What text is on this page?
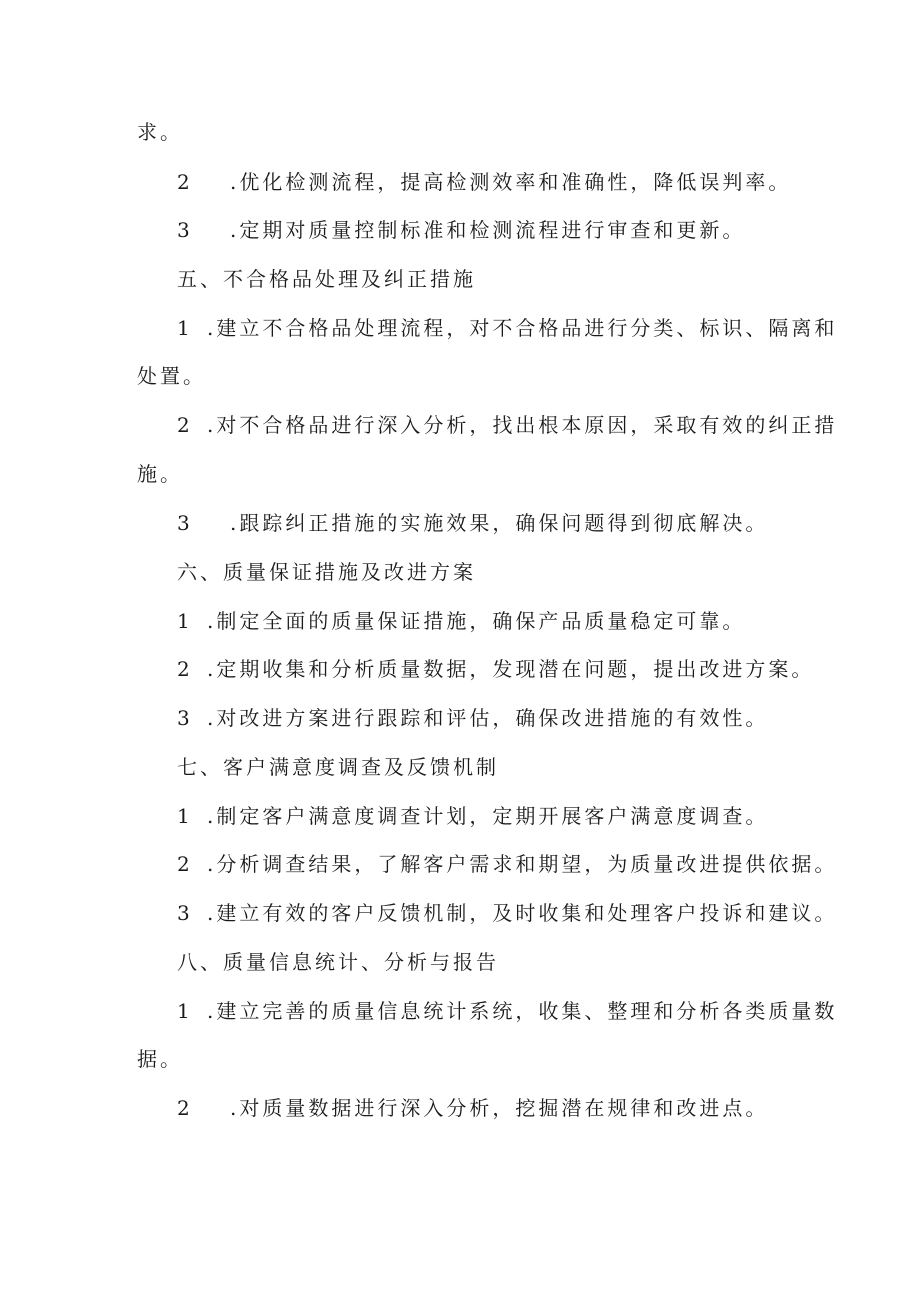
求。
2 .优化检测流程，提高检测效率和准确性，降低误判率。
3 .定期对质量控制标准和检测流程进行审查和更新。
五、不合格品处理及纠正措施
1 .建立不合格品处理流程，对不合格品进行分类、标识、隔离和
处置。
2 .对不合格品进行深入分析，找出根本原因，采取有效的纠正措
施。
3 .跟踪纠正措施的实施效果，确保问题得到彻底解决。
六、质量保证措施及改进方案
1 .制定全面的质量保证措施，确保产品质量稳定可靠。
2 .定期收集和分析质量数据，发现潜在问题，提出改进方案。
3 .对改进方案进行跟踪和评估，确保改进措施的有效性。
七、客户满意度调查及反馈机制
1 .制定客户满意度调查计划，定期开展客户满意度调查。
2 .分析调查结果，了解客户需求和期望，为质量改进提供依据。
3 .建立有效的客户反馈机制，及时收集和处理客户投诉和建议。
八、质量信息统计、分析与报告
1 .建立完善的质量信息统计系统，收集、整理和分析各类质量数
据。
2 .对质量数据进行深入分析，挖掘潜在规律和改进点。
